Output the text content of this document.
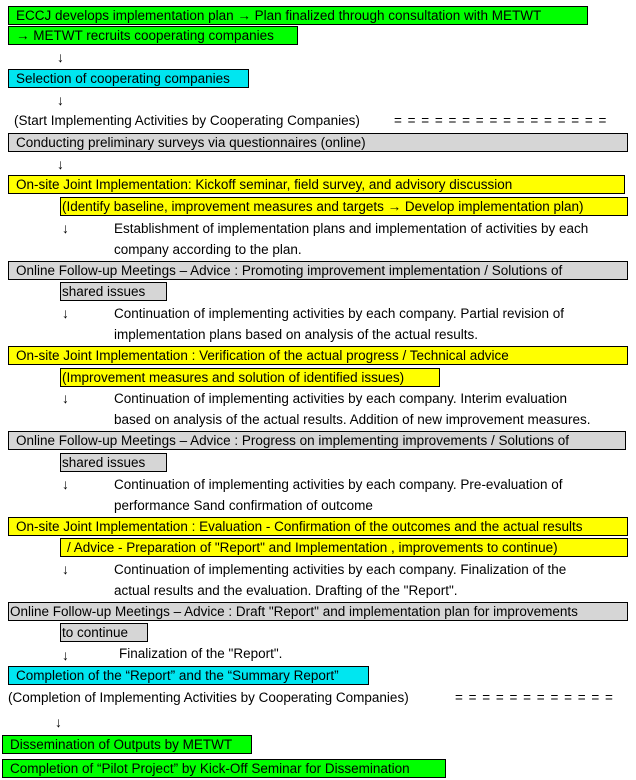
ECCJ develops implementation plan → Plan finalized through consultation with METWT
→ METWT recruits cooperating companies
↓
Selection of cooperating companies
↓
(Start Implementing Activities by Cooperating Companies)	= = = = = = = = = = = = = = = =
Conducting preliminary surveys via questionnaires (online)
↓
On-site Joint Implementation: Kickoff seminar, field survey, and advisory discussion
(Identify baseline, improvement measures and targets → Develop implementation plan)
↓	Establishment of implementation plans and implementation of activities by each
company according to the plan.
Online Follow-up Meetings – Advice : Promoting improvement implementation / Solutions of
shared issues
↓	Continuation of implementing activities by each company. Partial revision of
implementation plans based on analysis of the actual results.
On-site Joint Implementation : Verification of the actual progress / Technical advice
(Improvement measures and solution of identified issues)
↓	Continuation of implementing activities by each company. Interim evaluation
based on analysis of the actual results. Addition of new improvement measures.
Online Follow-up Meetings – Advice : Progress on implementing improvements / Solutions of
shared issues
↓	Continuation of implementing activities by each company. Pre-evaluation of
performance Sand confirmation of outcome
On-site Joint Implementation : Evaluation - Confirmation of the outcomes and the actual results
/ Advice - Preparation of "Report" and Implementation , improvements to continue)
↓	Continuation of implementing activities by each company. Finalization of the
actual results and the evaluation. Drafting of the "Report".
Online Follow-up Meetings – Advice : Draft "Report" and implementation plan for improvements
to continue
↓	Finalization of the "Report".
Completion of the “Report” and the “Summary Report”
(Completion of Implementing Activities by Cooperating Companies)	= = = = = = = = = = = =
↓
Dissemination of Outputs by METWT
Completion of “Pilot Project” by Kick-Off Seminar for Dissemination
